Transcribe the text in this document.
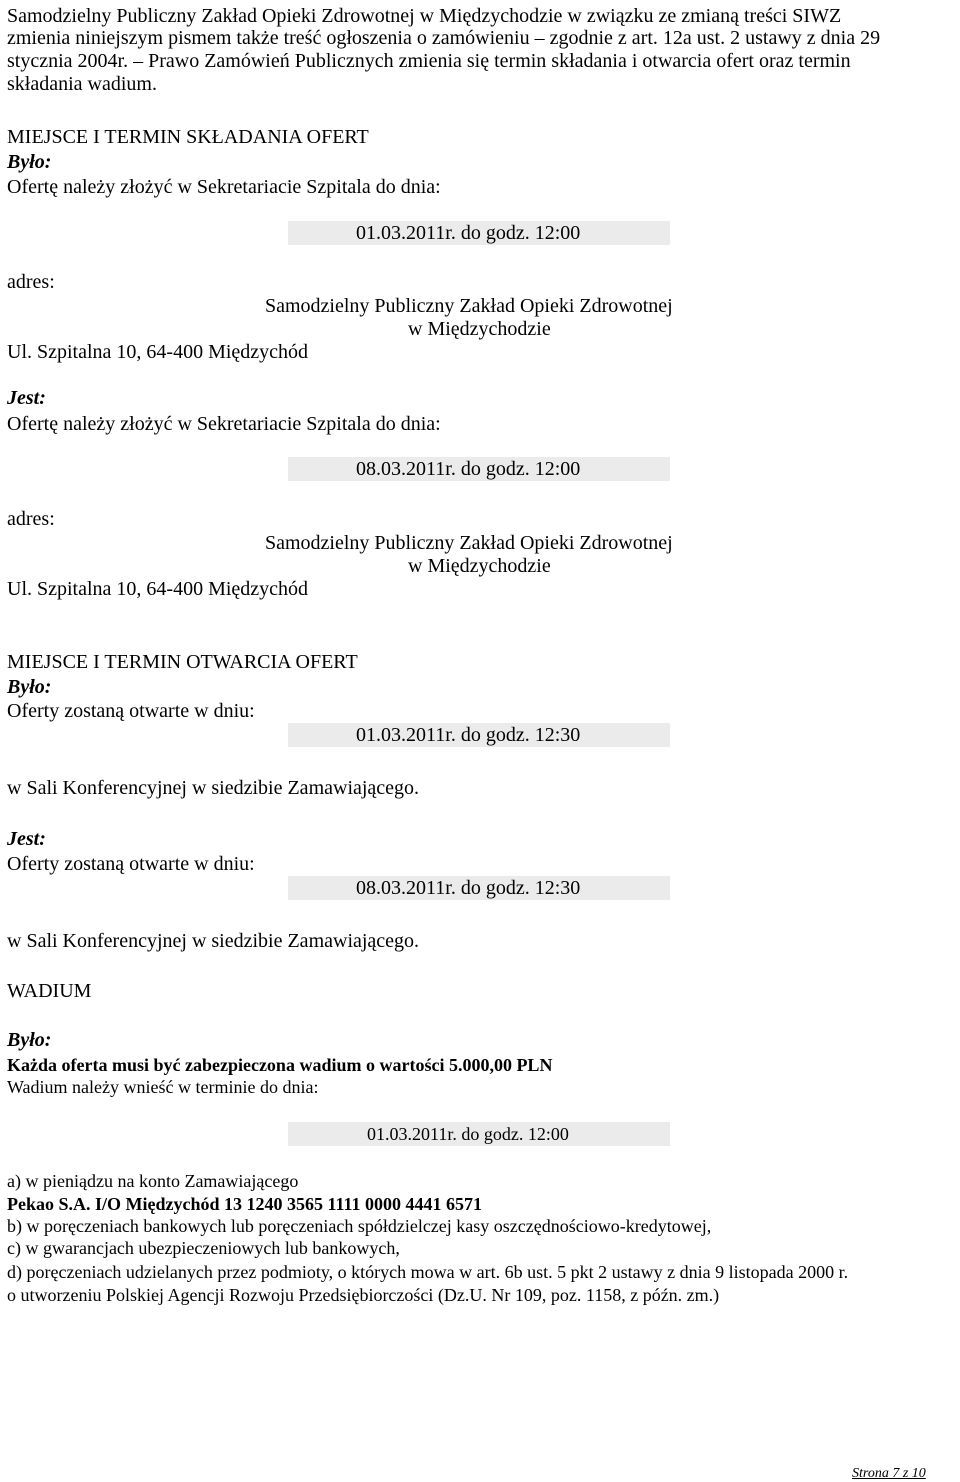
Samodzielny Publiczny Zakład Opieki Zdrowotnej w Międzychodzie w związku ze zmianą treści SIWZ
zmienia niniejszym pismem także treść ogłoszenia o zamówieniu – zgodnie z art. 12a ust. 2 ustawy z dnia 29
stycznia 2004r. – Prawo Zamówień Publicznych zmienia się termin składania i otwarcia ofert oraz termin
składania wadium.
MIEJSCE I TERMIN SKŁADANIA OFERT
Było:
Ofertę należy złożyć w Sekretariacie Szpitala do dnia:
01.03.2011r. do godz. 12:00
adres:
Samodzielny Publiczny Zakład Opieki Zdrowotnej
w Międzychodzie
Ul. Szpitalna 10, 64-400 Międzychód
Jest:
Ofertę należy złożyć w Sekretariacie Szpitala do dnia:
08.03.2011r. do godz. 12:00
adres:
Samodzielny Publiczny Zakład Opieki Zdrowotnej
w Międzychodzie
Ul. Szpitalna 10, 64-400 Międzychód
MIEJSCE I TERMIN OTWARCIA OFERT
Było:
Oferty zostaną otwarte w dniu:
01.03.2011r. do godz. 12:30
w Sali Konferencyjnej w siedzibie Zamawiającego.
Jest:
Oferty zostaną otwarte w dniu:
08.03.2011r. do godz. 12:30
w Sali Konferencyjnej w siedzibie Zamawiającego.
WADIUM
Było:
Każda oferta musi być zabezpieczona wadium o wartości 5.000,00 PLN
Wadium należy wnieść w terminie do dnia:
01.03.2011r. do godz. 12:00
a) w pieniądzu na konto Zamawiającego
Pekao S.A. I/O Międzychód 13 1240 3565 1111 0000 4441 6571
b) w poręczeniach bankowych lub poręczeniach spółdzielczej kasy oszczędnościowo-kredytowej,
c) w gwarancjach ubezpieczeniowych lub bankowych,
d) poręczeniach udzielanych przez podmioty, o których mowa w art. 6b ust. 5 pkt 2 ustawy z dnia 9 listopada 2000 r.
o utworzeniu Polskiej Agencji Rozwoju Przedsiębiorczości (Dz.U. Nr 109, poz. 1158, z późn. zm.)
Strona 7 z 10
